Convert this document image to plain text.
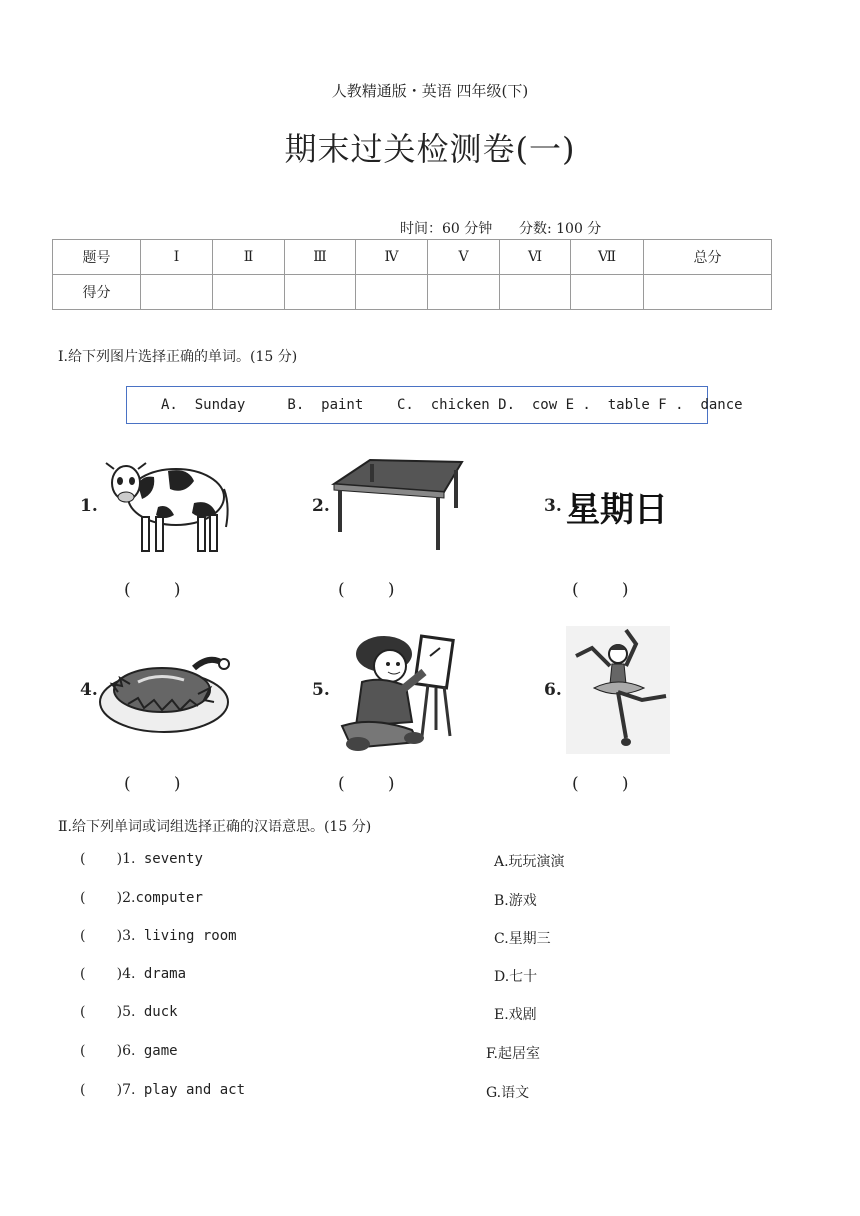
人教精通版・英语 四年级(下)
期末过关检测卷(一)
时间：60 分钟      分数: 100 分
题号	Ⅰ	Ⅱ	Ⅲ	Ⅳ	Ⅴ	Ⅵ	Ⅶ	总分
得分								
Ⅰ.给下列图片选择正确的单词。(15 分)
A.  Sunday     B.  paint    C.  chicken D.  cow E .  table F .  dance
1.
(        )
2.
(        )
3. 星期日
(        )
4.
(        )
5.
(        )
6.
(        )
Ⅱ.给下列单词或词组选择正确的汉语意思。(15 分)
(       )1. seventy
(       )2.computer
(       )3. living room
(       )4. drama
(       )5. duck
(       )6. game
(       )7. play and act
A.玩玩演演
B.游戏
C.星期三
D.七十
E.戏剧
F.起居室
G.语文
